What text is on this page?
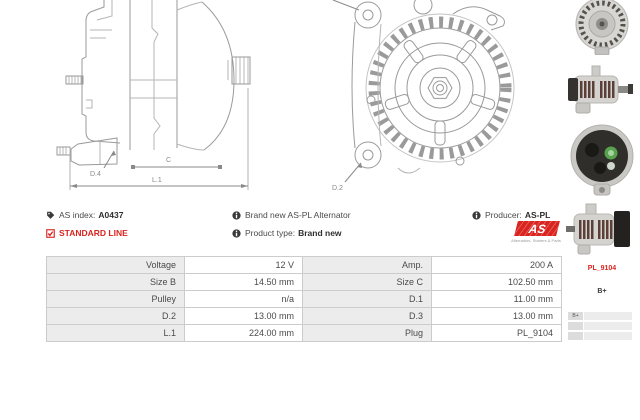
D.4
C
L.1
D.2
PL_9104
B+
B+
AS index: A0437
STANDARD LINE
Brand new AS-PL Alternator
Product type: Brand new
Producer: AS-PL
AS
Alternators, Starters & Parts
Voltage	12 V	Amp.	200 A
Size B	14.50 mm	Size C	102.50 mm
Pulley	n/a	D.1	11.00 mm
D.2	13.00 mm	D.3	13.00 mm
L.1	224.00 mm	Plug	PL_9104
